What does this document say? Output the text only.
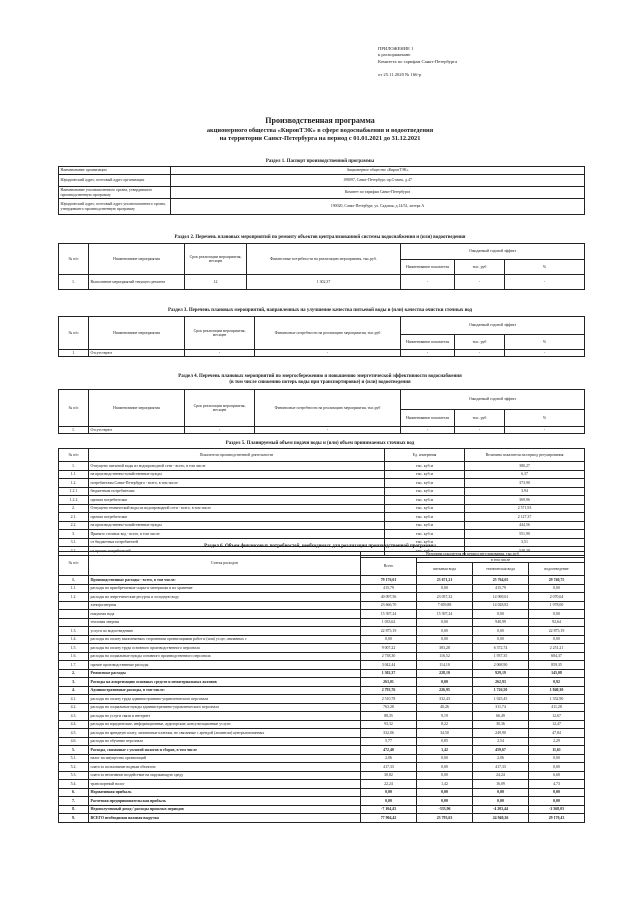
ПРИЛОЖЕНИЕ 1
к распоряжению
Комитета по тарифам Санкт-Петербурга
от 25.11.2020 № 166-р
Производственная программа
акционерного общества «КировТЭК» в сфере водоснабжения и водоотведения
на территории Санкт-Петербурга на период с 01.01.2021 до 31.12.2021
Раздел 1. Паспорт производственной программы
Наименование организации	Акционерное общество «КировТЭК»
Юридический адрес, почтовый адрес организации	198097, Санкт-Петербург, пр.Стачек, д.47
Наименование уполномоченного органа, утвердившего производственную программу	Комитет по тарифам Санкт-Петербурга
Юридический адрес, почтовый адрес уполномоченного органа, утвердившего производственную программу	190020, Санкт-Петербург, ул. Садовая, д.14/52, литера А
Раздел 2. Перечень плановых мероприятий по ремонту объектов централизованной системы водоснабжения и (или) водоотведения
№ п/п	Наименование мероприятия	Срок реализации мероприятия, месяцев	Финансовые потребности на реализацию мероприятия, тыс.руб.	Ожидаемый годовой эффект		
				Наименование показателя	тыс. руб	%
1.	Выполнение мероприятий текущего ремонта	12	1 302,37	-	-	-
Раздел 3. Перечень плановых мероприятий, направленных на улучшение качества питьевой воды и (или) качества очистки сточных вод
№ п/п	Наименование мероприятия	Срок реализации мероприятия, месяцев	Финансовые потребности на реализацию мероприятия, тыс.руб	Ожидаемый годовой эффект		
				Наименование показателя	тыс. руб	%
1	Отсутствуют	-	-	-	-	-
Раздел 4. Перечень плановых мероприятий по энергосбережению и повышению энергетической эффективности водоснабжения
(в том числе снижению потерь воды при транспортировке) и (или) водоотведения
№ п/п	Наименование мероприятия	Срок реализации мероприятия, месяцев	Финансовые потребности на реализацию мероприятия, тыс.руб	Ожидаемый годовой эффект		
				Наименование показателя	тыс. руб	%
1.	Отсутствуют	-	-	-	-	-
Раздел 5. Планируемый объем подачи воды и (или) объем принимаемых сточных вод
№ п/п	Показатели производственной деятельности	Ед. измерения	Величина показателя на период регулирования
1.	Отпущено питьевой воды из водопроводной сети - всего, в том числе	тыс. куб.м	380,27
1.1.	на производственно-хозяйственные нужды	тыс. куб.м	6,37
1.2.	потребителям Санкт-Петербурга - всего, в том числе	тыс. куб.м	373,90
1.2.1	бюджетным потребителям	тыс. куб.м	3,94
1.2.2	прочим потребителям	тыс. куб.м	369,96
2.	Отпущено технической воды из водопроводной сети - всего, в том числе	тыс. куб.м	2 571,93
2.1.	прочим потребителям	тыс. куб.м	2 127,37
2.2.	на производственно-хозяйственные нужды	тыс. куб.м	444,56
3.	Принято сточных вод - всего, в том числе:	тыс. куб.м	551,90
3.1.	от бюджетных потребителей	тыс. куб.м	3,51
3.2.	от прочих потребителей	тыс. куб.м	548,39
Раздел 6. Объем финансовых потребностей, необходимых для реализации производственной программы
№ п/п	Статья расходов	Величина показателя на период регулирования, тыс.руб			
		Всего	в том числе		
			питьевая вода	техническая вода	водоотведение
1.	Производственные расходы - всего, в том числе:	79 176,61	23 671,21	25 764,65	29 740,75
1.1.	расходы на приобретаемые сырье и материалы и их хранение	415,79	0,00	415,79	0,00
1.2.	расходы на энергетические ресурсы и холодную воду	40 097,56	23 057,32	14 969,61	2 070,64
	электроэнергия	23 666,70	7 659,88	14 028,82	1 978,00
	покупная вода	15 397,24	15 397,24	0,00	0,00
	тепловая энергия	1 033,62	0,00	940,99	92,64
1.3.	услуги по водоотведению	22 875,19	0,00	0,00	22 875,19
1.4.	расходы на оплату выполняемых сторонними организациями работ и (или) услуг, связанных с	0,00	0,00	0,00	0,00
1.5.	расходы на оплату труда основного производственного персонала	9 007,22	383,28	6 372,74	2 251,21
1.6.	расходы на социальные нужды основного производственного персонала	2 738,30	116,52	1 937,35	684,37
1.7.	прочие производственные расходы	3 042,44	114,10	2 068,90	859,35
2.	Ремонтные расходы	1 302,37	228,10	929,19	145,08
3.	Расходы на амортизацию основных средств и нематериальных активов	263,01	0,00	262,93	0,92
4.	Административные расходы, в том числе:	2 793,76	226,95	1 726,50	1 840,30
4.1.	расходы на оплату труда административно-управленческого персонала	2 510,78	332,43	1 025,45	1 352,90
4.2.	расходы на социальные нужды административно-управленческого персонала	763,28	40,26	311,74	411,28
4.3.	расходы на услуги связи и интернет	88,35	9,19	66,49	12,67
4.4.	расходы на юридические, информационные, аудиторские, консультационные услуги	93,32	8,22	30,36	12,47
4.5.	расходы на арендную плату, лизинговые платежи, не связанные с арендой (лизингом) централизованных	332,06	34,50	249,90	47,84
4.6.	расходы на обучение персонала	5,77	0,85	2,54	2,29
5.	Расходы, связанные с уплатой налогов и сборов, в том числе	472,40	1,42	459,67	11,61
5.1.	налог на имущество организаций	2,06	0,00	2,06	0,00
5.2.	плата за пользование водным объектом	417,33	0,00	417,33	0,00
5.3.	плата за негативное воздействие на окружающую среду	30,82	0,00	24,24	6,68
5.4.	транспортный налог	22,24	1,42	16,09	4,73
6.	Нормативная прибыль	0,00	0,00	0,00	0,00
7.	Расчетная предпринимательская прибыль	0,00	0,00	0,00	0,00
8.	Недополученный доход / расходы прошлых периодов	-7 104,43	-333,96	-4 203,44	-2 568,03
9.	ВСЕГО необходимая валовая выручка	77 904,42	23 793,63	24 940,26	29 170,43
